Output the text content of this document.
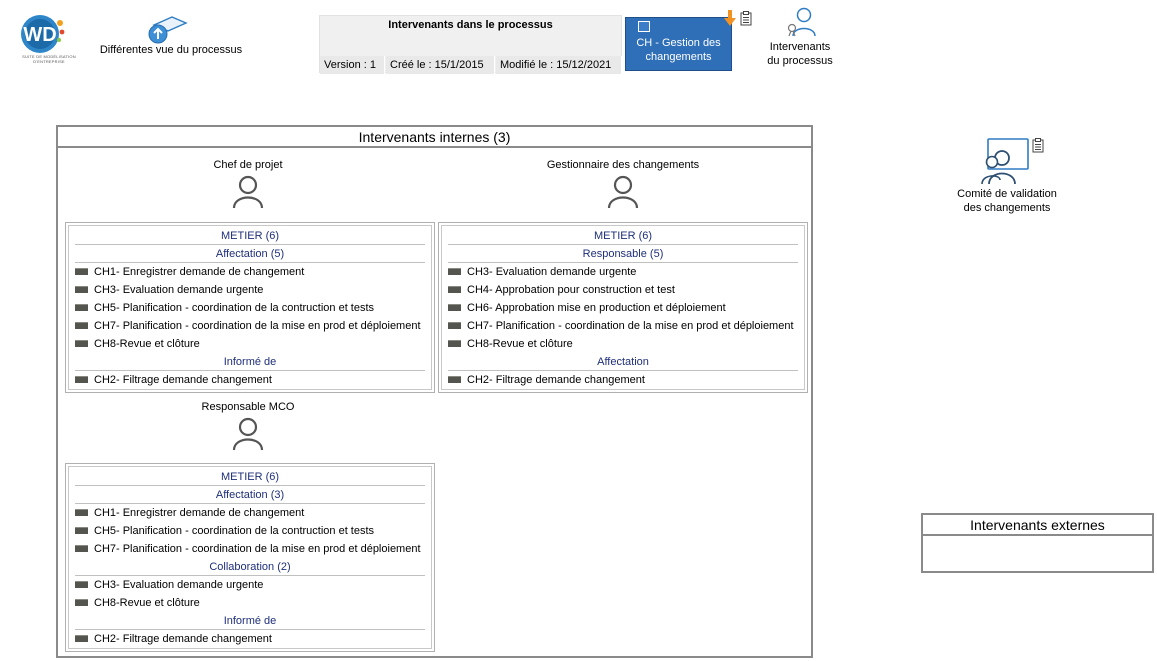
WD
SUITE DE MODÉLISATION D'ENTREPRISE
Différentes vue du processus
Intervenants dans le processus
Version : 1	Créé le : 15/1/2015	Modifié le : 15/12/2021
CH - Gestion des changements
Intervenants
du processus
Intervenants internes (3)
Chef de projet
METIER (6)
Affectation (5)
CH1- Enregistrer demande de changement
CH3- Evaluation demande urgente
CH5- Planification - coordination de la contruction et tests
CH7- Planification - coordination de la mise en prod et déploiement
CH8-Revue et clôture
Informé de
CH2- Filtrage demande changement
Gestionnaire des changements
METIER (6)
Responsable (5)
CH3- Evaluation demande urgente
CH4- Approbation pour construction et test
CH6- Approbation mise en production et déploiement
CH7- Planification - coordination de la mise en prod et déploiement
CH8-Revue et clôture
Affectation
CH2- Filtrage demande changement
Responsable MCO
METIER (6)
Affectation (3)
CH1- Enregistrer demande de changement
CH5- Planification - coordination de la contruction et tests
CH7- Planification - coordination de la mise en prod et déploiement
Collaboration (2)
CH3- Evaluation demande urgente
CH8-Revue et clôture
Informé de
CH2- Filtrage demande changement
Comité de validation
des changements
Intervenants externes
